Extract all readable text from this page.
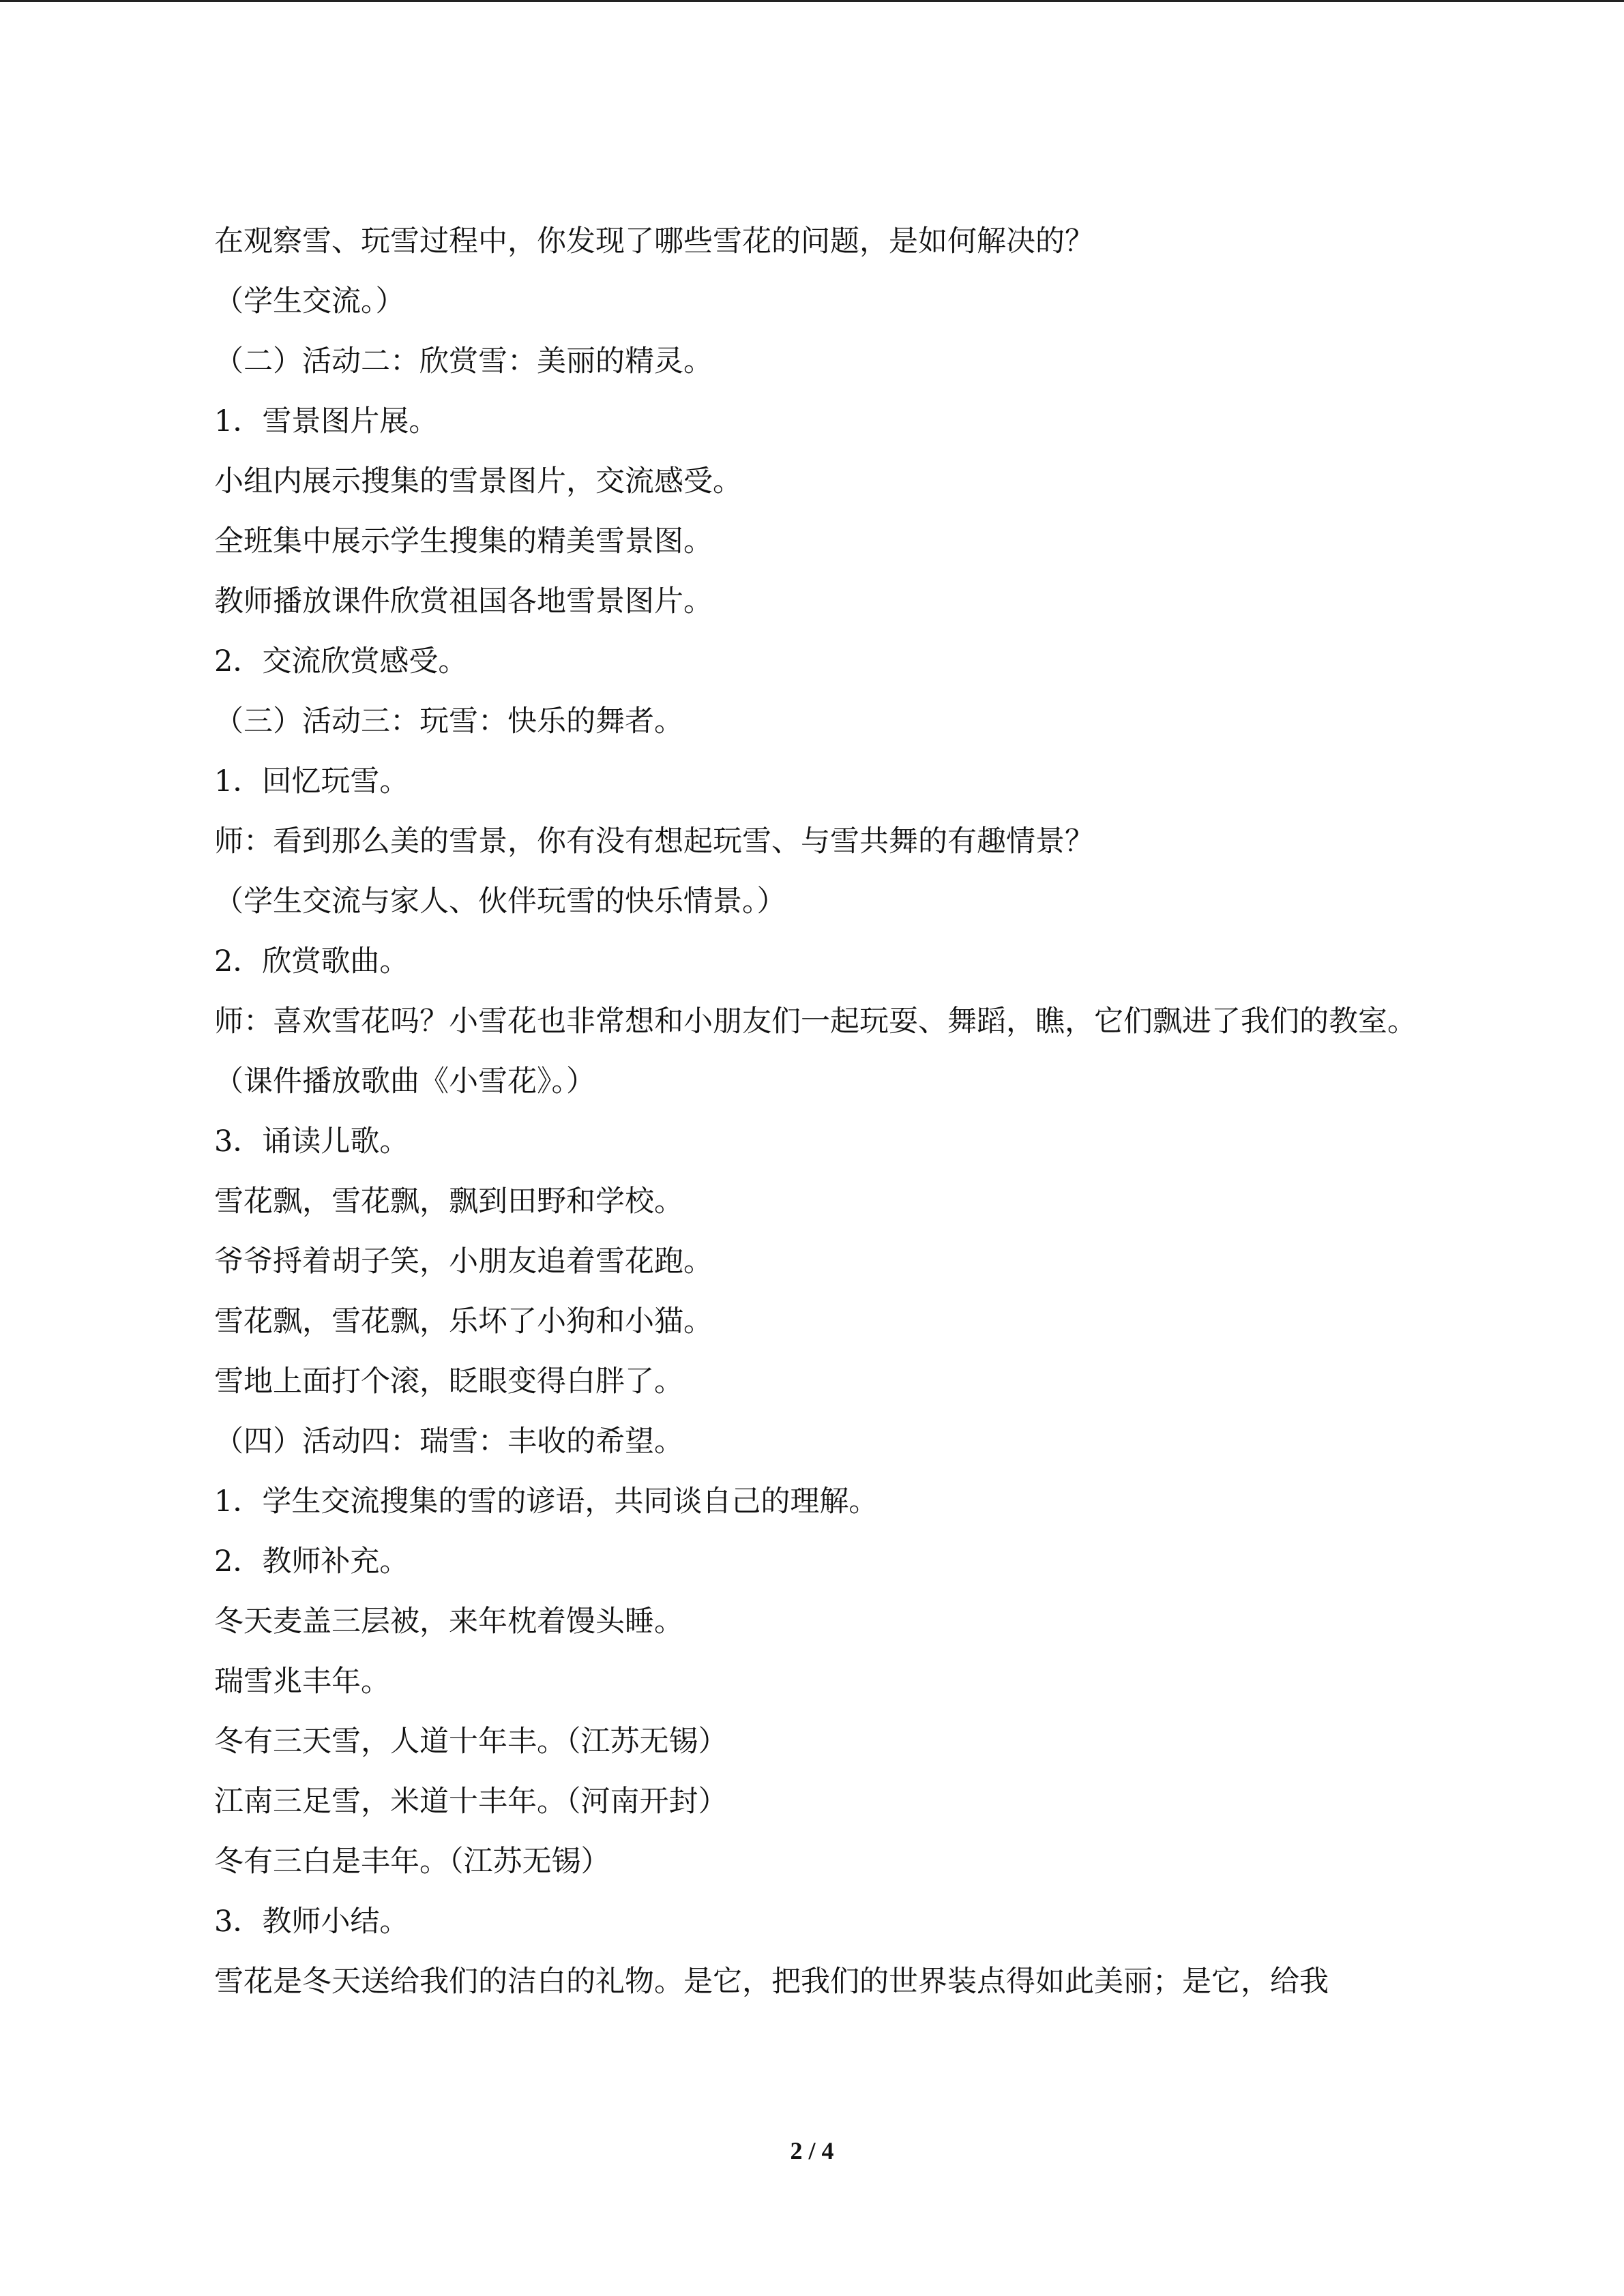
在观察雪、玩雪过程中，你发现了哪些雪花的问题，是如何解决的？

（学生交流。）

（二）活动二：欣赏雪：美丽的精灵。

1．雪景图片展。

小组内展示搜集的雪景图片，交流感受。

全班集中展示学生搜集的精美雪景图。

教师播放课件欣赏祖国各地雪景图片。

2．交流欣赏感受。

（三）活动三：玩雪：快乐的舞者。

1．回忆玩雪。

师：看到那么美的雪景，你有没有想起玩雪、与雪共舞的有趣情景？

（学生交流与家人、伙伴玩雪的快乐情景。）

2．欣赏歌曲。

师：喜欢雪花吗？小雪花也非常想和小朋友们一起玩耍、舞蹈，瞧，它们飘进了我们的教室。

（课件播放歌曲《小雪花》。）

3．诵读儿歌。

雪花飘，雪花飘，飘到田野和学校。

爷爷捋着胡子笑，小朋友追着雪花跑。

雪花飘，雪花飘，乐坏了小狗和小猫。

雪地上面打个滚，眨眼变得白胖了。

（四）活动四：瑞雪：丰收的希望。

1．学生交流搜集的雪的谚语，共同谈自己的理解。

2．教师补充。

冬天麦盖三层被，来年枕着馒头睡。

瑞雪兆丰年。

冬有三天雪，人道十年丰。（江苏无锡）

江南三足雪，米道十丰年。（河南开封）

冬有三白是丰年。（江苏无锡）

3．教师小结。

雪花是冬天送给我们的洁白的礼物。是它，把我们的世界装点得如此美丽；是它，给我

2 / 4
